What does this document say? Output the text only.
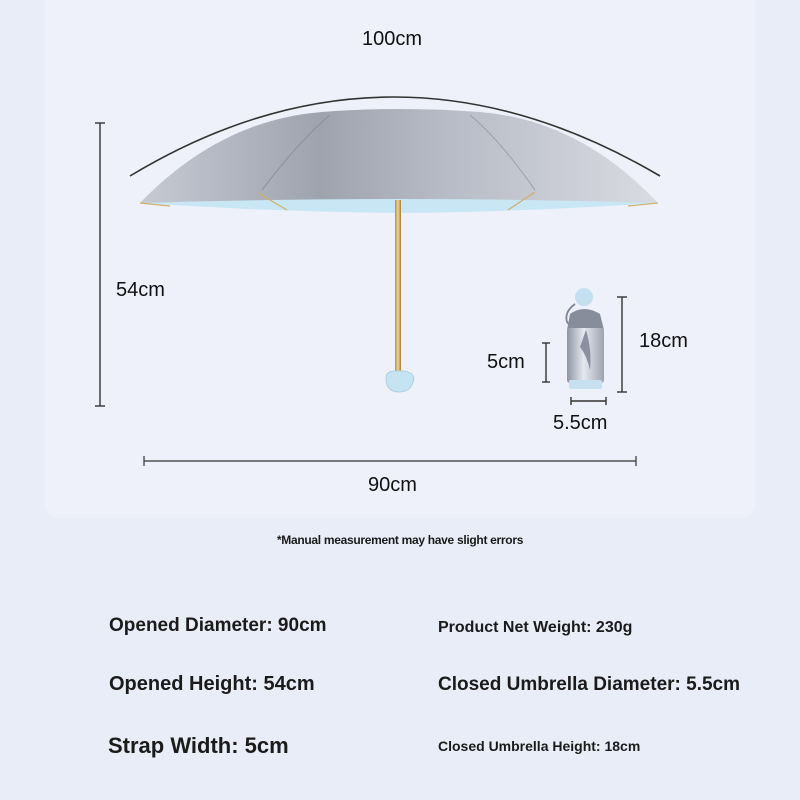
100cm
54cm
90cm
18cm
5cm
5.5cm
*Manual measurement may have slight errors
Opened Diameter: 90cm	Product Net Weight: 230g
Opened Height: 54cm	Closed Umbrella Diameter: 5.5cm
Strap Width: 5cm	Closed Umbrella Height: 18cm
